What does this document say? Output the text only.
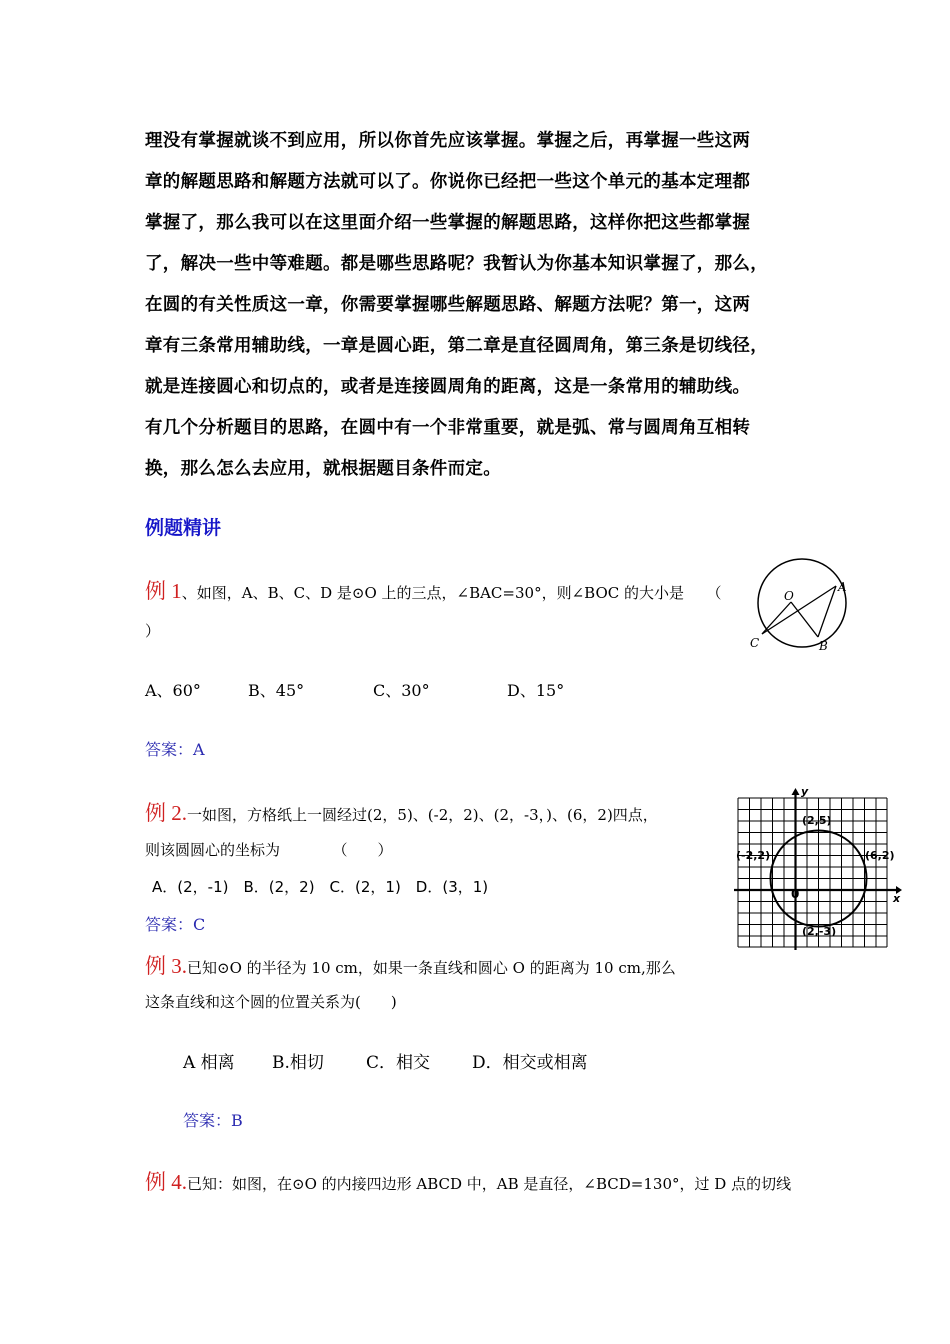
理没有掌握就谈不到应用，所以你首先应该掌握。掌握之后，再掌握一些这两

章的解题思路和解题方法就可以了。你说你已经把一些这个单元的基本定理都

掌握了，那么我可以在这里面介绍一些掌握的解题思路，这样你把这些都掌握

了，解决一些中等难题。都是哪些思路呢？我暂认为你基本知识掌握了，那么，

在圆的有关性质这一章，你需要掌握哪些解题思路、解题方法呢？第一，这两

章有三条常用辅助线，一章是圆心距，第二章是直径圆周角，第三条是切线径，

就是连接圆心和切点的，或者是连接圆周角的距离，这是一条常用的辅助线。

有几个分析题目的思路，在圆中有一个非常重要，就是弧、常与圆周角互相转

换，那么怎么去应用，就根据题目条件而定。

例题精讲
例 1、如图，A、B、C、D 是⊙O 上的三点，∠BAC=30°，则∠BOC 的大小是　　（
）
O
A
B
C
A、60°	B、45°	C、30°	D、15°
答案：A
例 2.一如图，方格纸上一圆经过(2，5)、(-2，2)、(2，-3，)、(6，2)四点，
则该圆圆心的坐标为　　　　（　　）
A．(2，-1)　B．(2，2)　C．(2，1)　D．(3，1)
答案：C
y
x
0
(2,5)
(-2,2)	(6,2)
(2,-3)
例 3.已知⊙O 的半径为 10 cm，如果一条直线和圆心 O 的距离为 10 cm,那么
这条直线和这个圆的位置关系为(　　)
A 相离 B.相切 C．相交 D．相交或相离
答案：B
例 4.已知：如图，在⊙O 的内接四边形 ABCD 中，AB 是直径，∠BCD=130°，过 D 点的切线
